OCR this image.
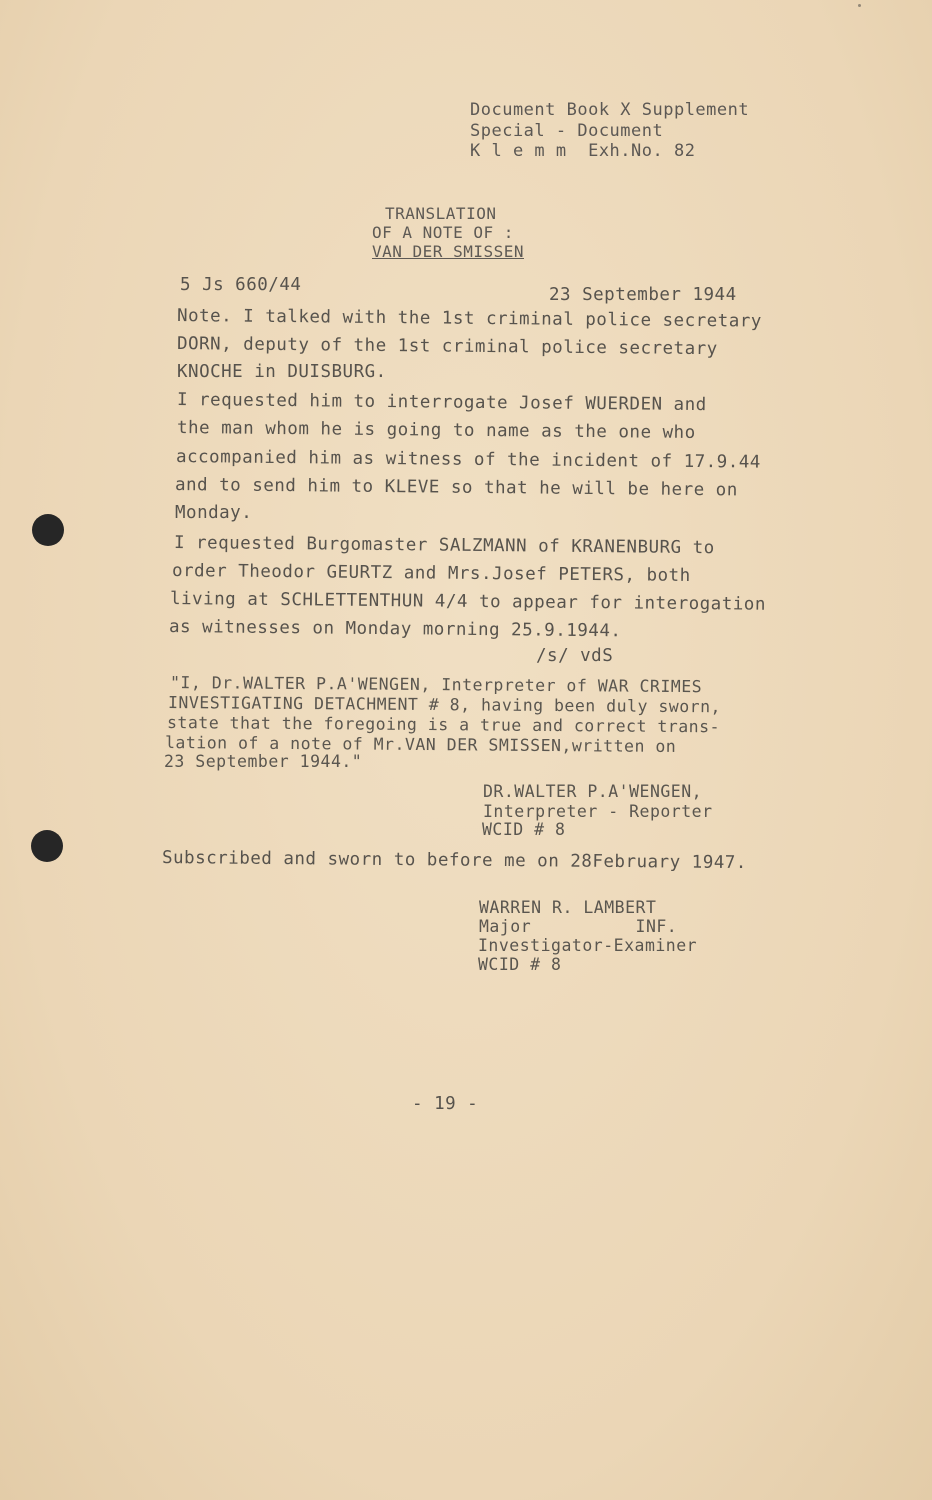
Document Book X Supplement
Special - Document
K l e m m  Exh.No. 82
TRANSLATION
OF A NOTE OF :
VAN DER SMISSEN
5 Js 660/44	23 September 1944
Note. I talked with the 1st criminal police secretary
DORN, deputy of the 1st criminal police secretary
KNOCHE in DUISBURG.
I requested him to interrogate Josef WUERDEN and
the man whom he is going to name as the one who
accompanied him as witness of the incident of 17.9.44
and to send him to KLEVE so that he will be here on
Monday.
I requested Burgomaster SALZMANN of KRANENBURG to
order Theodor GEURTZ and Mrs.Josef PETERS, both
living at SCHLETTENTHUN 4/4 to appear for interogation
as witnesses on Monday morning 25.9.1944.
/s/ vdS
"I, Dr.WALTER P.A'WENGEN, Interpreter of WAR CRIMES
INVESTIGATING DETACHMENT # 8, having been duly sworn,
state that the foregoing is a true and correct trans-
lation of a note of Mr.VAN DER SMISSEN,written on
23 September 1944."
DR.WALTER P.A'WENGEN,
Interpreter - Reporter
WCID # 8
Subscribed and sworn to before me on 28February 1947.
WARREN R. LAMBERT
Major          INF.
Investigator-Examiner
WCID # 8
- 19 -
